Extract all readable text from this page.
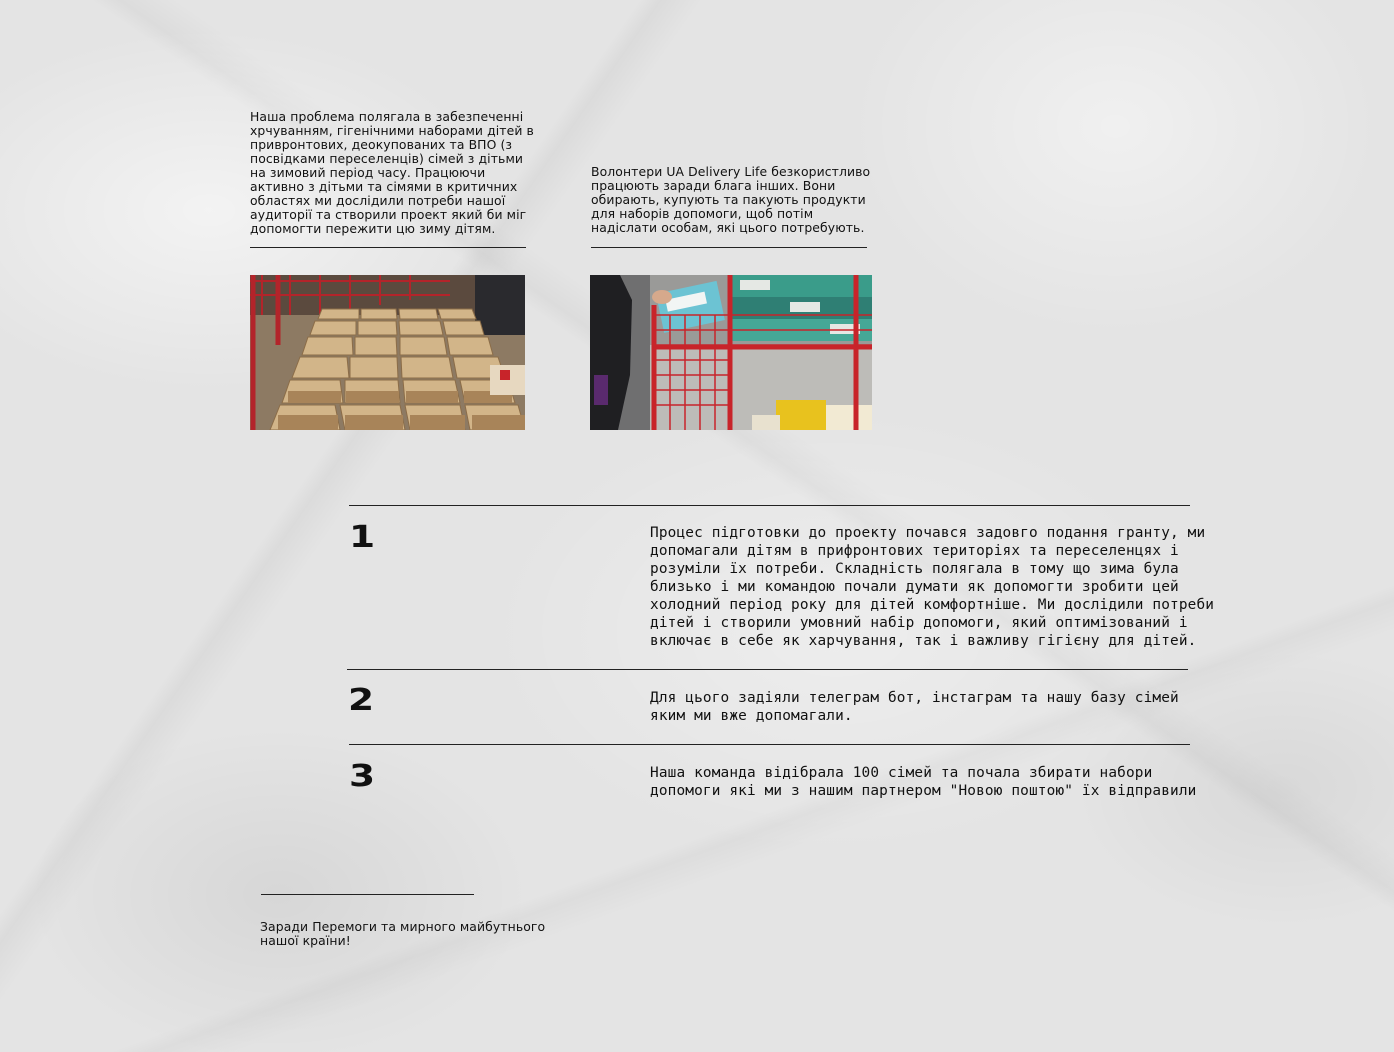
Наша проблема полягала в забезпеченні хрчуванням, гігенічними наборами дітей в привронтових, деокупованих та ВПО (з посвідками переселенців) сімей з дітьми на зимовий період часу. Працюючи активно з дітьми та сімями в критичних областях ми дослідили потреби нашої аудиторії та створили проект який би міг допомогти пережити цю зиму дітям.
Волонтери UA Delivery Life безкористливо працюють заради блага інших. Вони обирають, купують та пакують продукти для наборів допомоги, щоб потім надіслати особам, які цього потребують.
1	Процес підготовки до проекту почався задовго подання гранту, ми допомагали дітям в прифронтових територіях та переселенцях і розуміли їх потреби. Складність полягала в тому що зима була близько і ми командою почали думати як допомогти зробити цей холодний період року для дітей комфортніше. Ми дослідили потреби дітей і створили умовний набір допомоги, який оптимізований і включає в себе як харчування, так і важливу гігієну для дітей.
2	Для цього задіяли телеграм бот, інстаграм та нашу базу сімей яким ми вже допомагали.
3	Наша команда відібрала 100 сімей та почала збирати набори допомоги які ми з нашим партнером "Новою поштою" їх відправили
Заради Перемоги та мирного майбутнього нашої країни!
